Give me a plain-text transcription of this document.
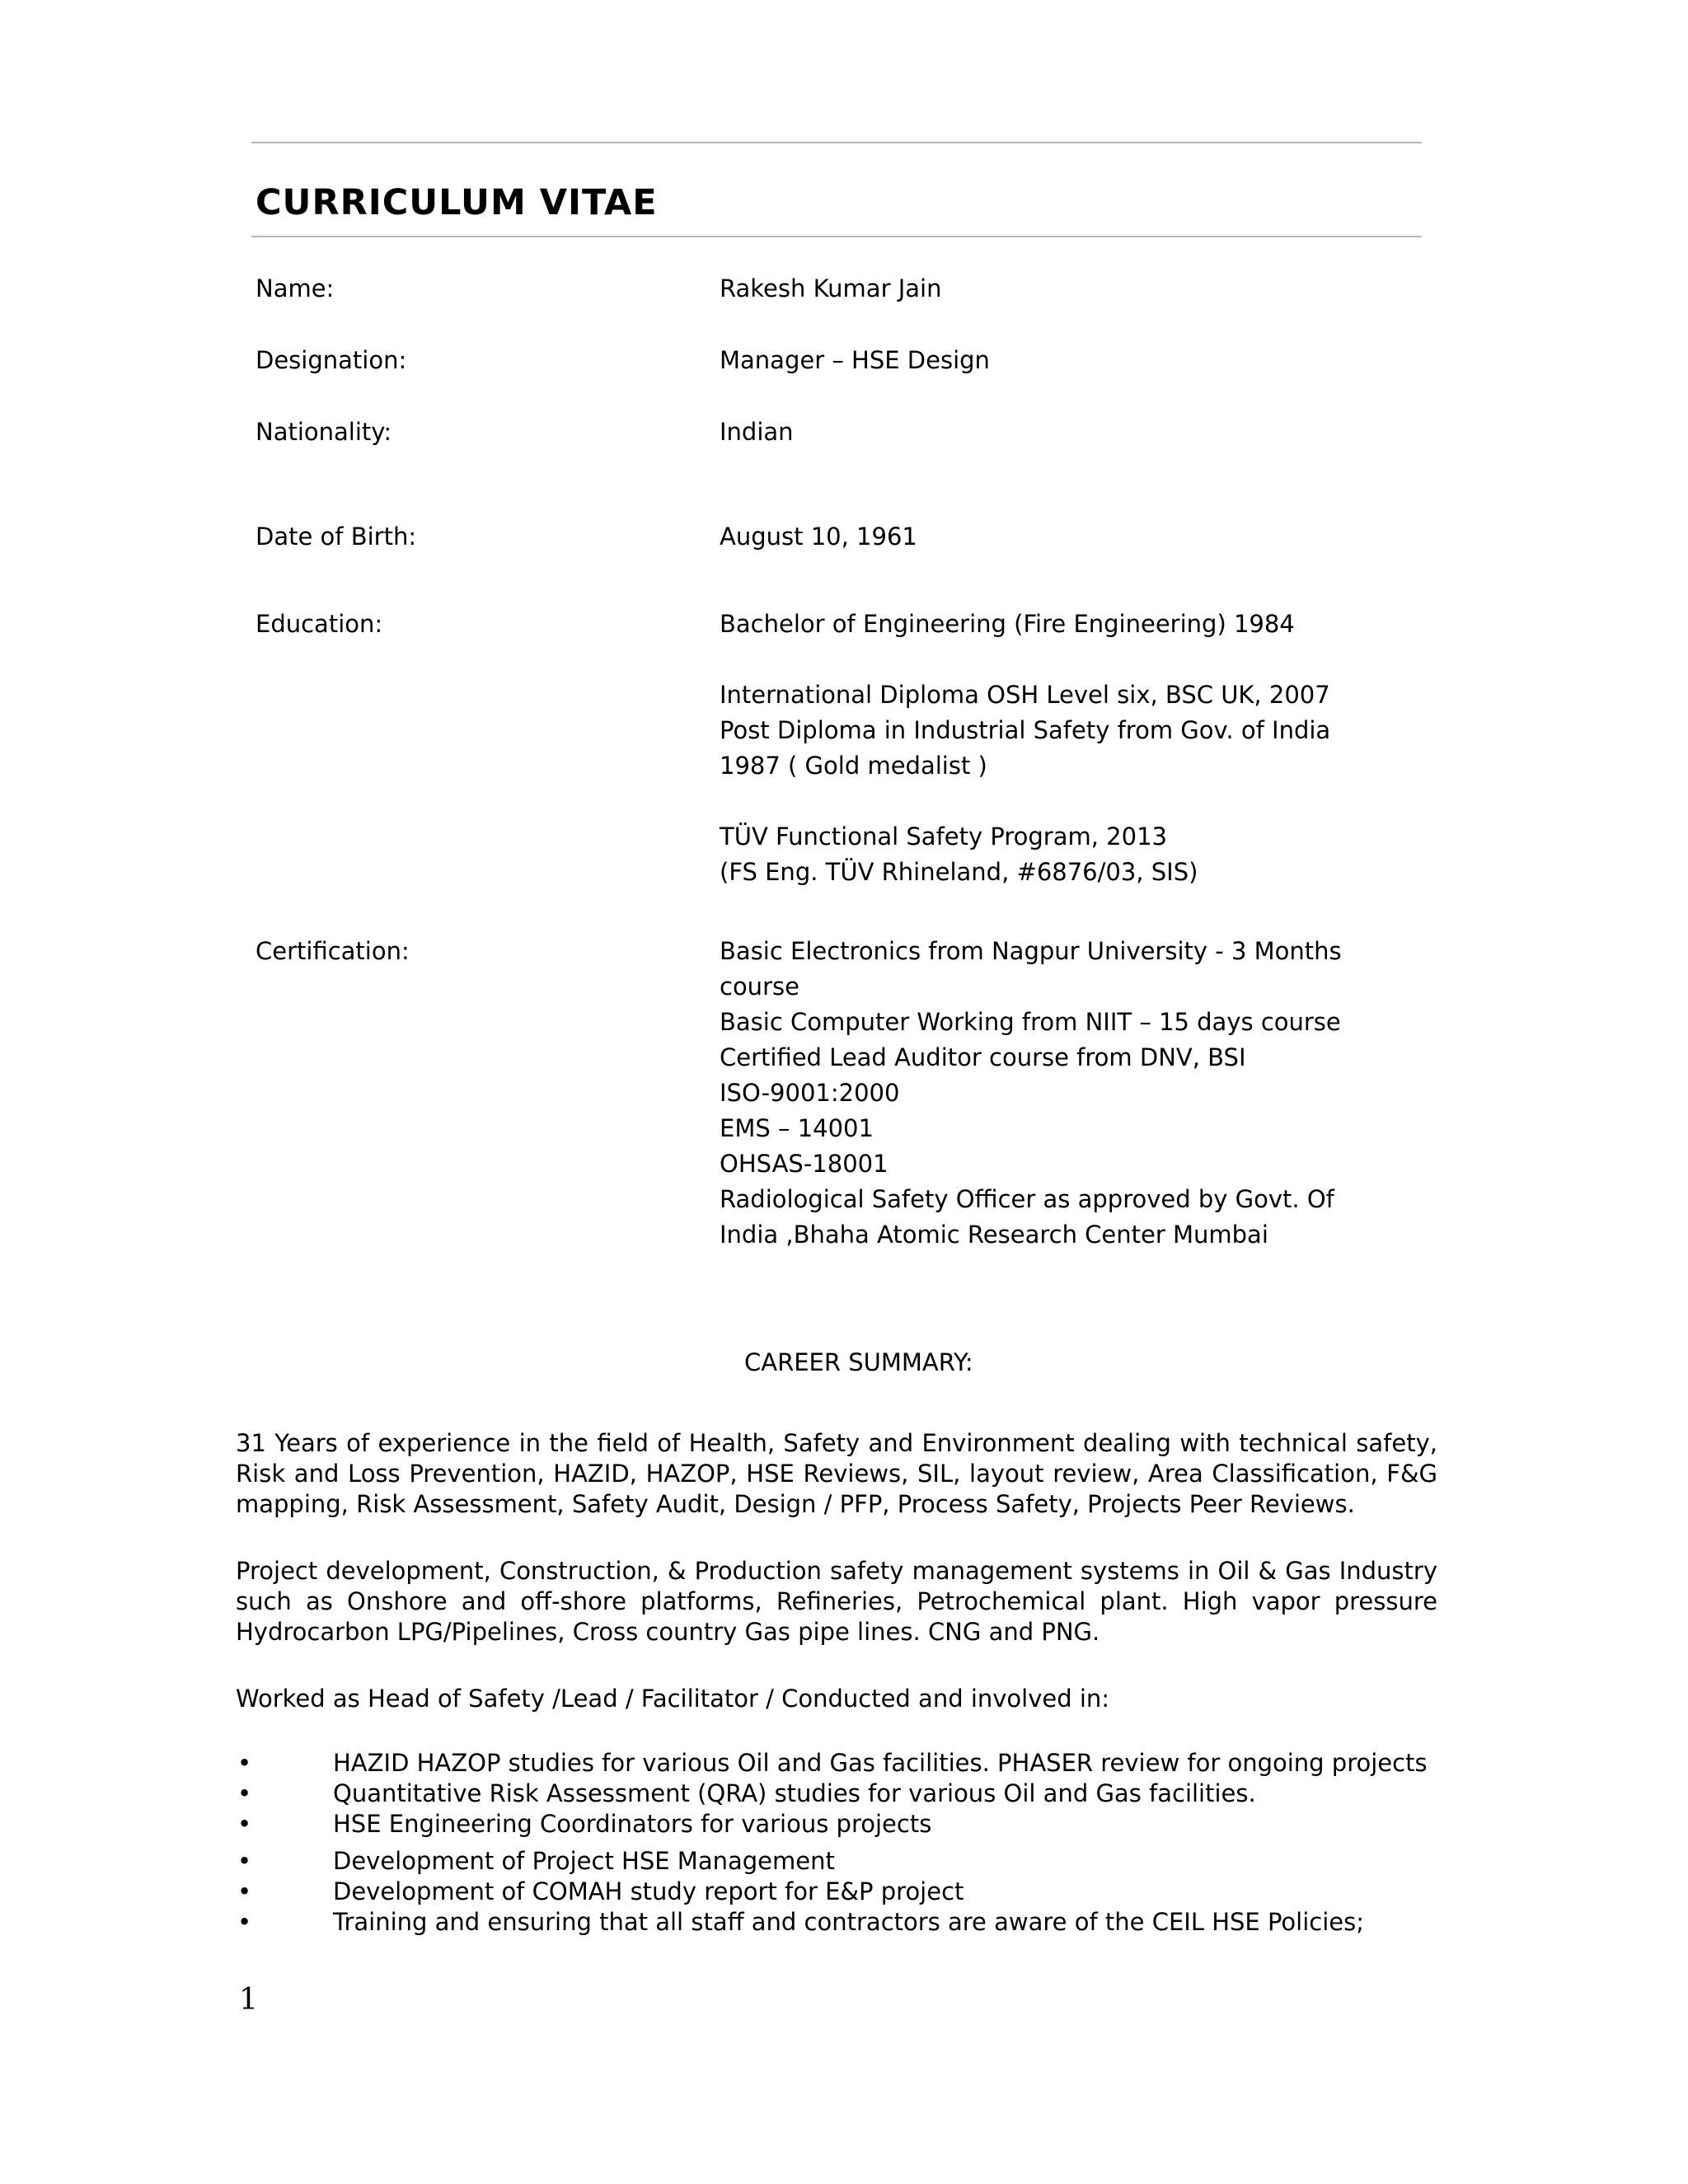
CURRICULUM VITAE
Name:	Rakesh Kumar Jain
Designation:	Manager – HSE Design
Nationality:	Indian
Date of Birth:	August 10, 1961
Education:	Bachelor of Engineering (Fire Engineering) 1984
International Diploma OSH Level six, BSC UK, 2007
Post Diploma in Industrial Safety from Gov. of India
1987 ( Gold medalist )
TÜV Functional Safety Program, 2013
(FS Eng. TÜV Rhineland, #6876/03, SIS)
Certification:	Basic Electronics from Nagpur University - 3 Months
course
Basic Computer Working from NIIT – 15 days course
Certified Lead Auditor course from DNV, BSI
ISO-9001:2000
EMS – 14001
OHSAS-18001
Radiological Safety Officer as approved by Govt. Of
India ,Bhaha Atomic Research Center Mumbai
CAREER SUMMARY:
31 Years of experience in the field of Health, Safety and Environment dealing with technical safety, Risk and Loss Prevention, HAZID, HAZOP, HSE Reviews, SIL, layout review, Area Classification, F&G mapping, Risk Assessment, Safety Audit, Design / PFP, Process Safety, Projects Peer Reviews.
Project development, Construction, & Production safety management systems in Oil & Gas Industry such as Onshore and off-shore platforms, Refineries, Petrochemical plant. High vapor pressure Hydrocarbon LPG/Pipelines, Cross country Gas pipe lines. CNG and PNG.
Worked as Head of Safety /Lead / Facilitator / Conducted and involved in:
•	HAZID HAZOP studies for various Oil and Gas facilities. PHASER review for ongoing projects
•	Quantitative Risk Assessment (QRA) studies for various Oil and Gas facilities.
•	HSE Engineering Coordinators for various projects
•	Development of Project HSE Management
•	Development of COMAH study report for E&P project
•	Training and ensuring that all staff and contractors are aware of the CEIL HSE Policies;
1
